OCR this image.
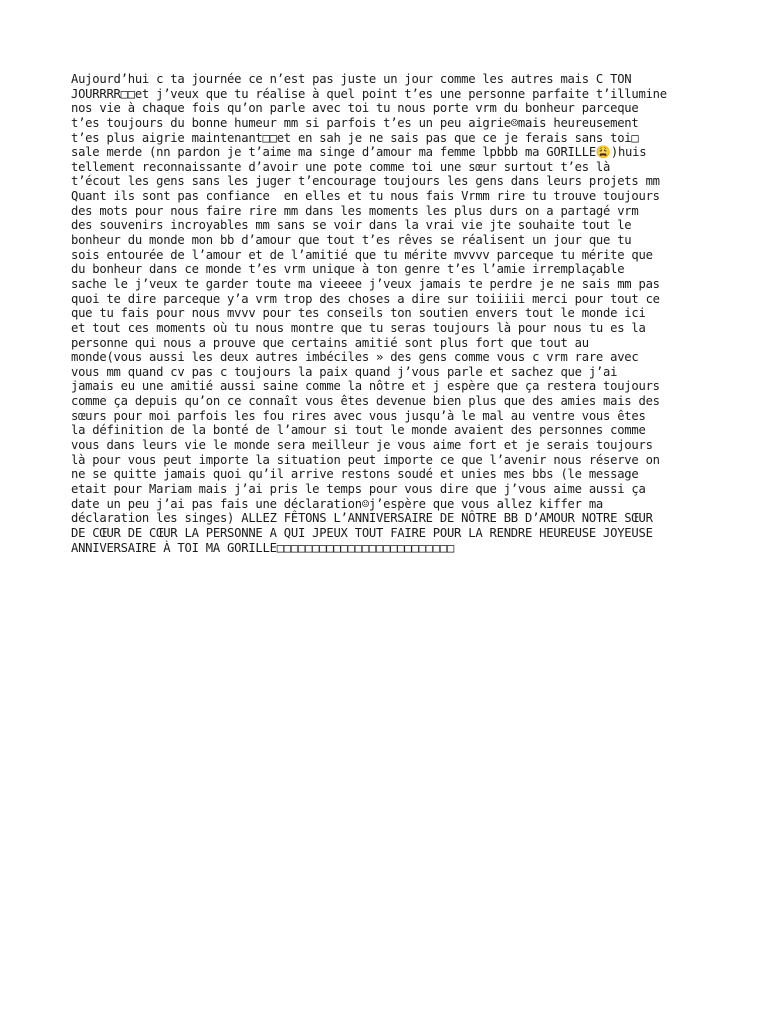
Aujourd’hui c ta journée ce n’est pas juste un jour comme les autres mais C TON
JOURRRR□□et j’veux que tu réalise à quel point t’es une personne parfaite t’illumine
nos vie à chaque fois qu’on parle avec toi tu nous porte vrm du bonheur parceque
t’es toujours du bonne humeur mm si parfois t’es un peu aigrie☹mais heureusement
t’es plus aigrie maintenant□□et en sah je ne sais pas que ce je ferais sans toi□
sale merde (nn pardon je t’aime ma singe d’amour ma femme lpbbb ma GORILLE😩)huis
tellement reconnaissante d’avoir une pote comme toi une sœur surtout t’es là
t’écout les gens sans les juger t’encourage toujours les gens dans leurs projets mm
Quant ils sont pas confiance  en elles et tu nous fais Vrmm rire tu trouve toujours
des mots pour nous faire rire mm dans les moments les plus durs on a partagé vrm
des souvenirs incroyables mm sans se voir dans la vrai vie jte souhaite tout le
bonheur du monde mon bb d’amour que tout t’es rêves se réalisent un jour que tu
sois entourée de l’amour et de l’amitié que tu mérite mvvvv parceque tu mérite que
du bonheur dans ce monde t’es vrm unique à ton genre t’es l’amie irremplaçable
sache le j’veux te garder toute ma vieeee j’veux jamais te perdre je ne sais mm pas
quoi te dire parceque y’a vrm trop des choses a dire sur toiiiii merci pour tout ce
que tu fais pour nous mvvv pour tes conseils ton soutien envers tout le monde ici
et tout ces moments où tu nous montre que tu seras toujours là pour nous tu es la
personne qui nous a prouve que certains amitié sont plus fort que tout au
monde(vous aussi les deux autres imbéciles » des gens comme vous c vrm rare avec
vous mm quand cv pas c toujours la paix quand j’vous parle et sachez que j’ai
jamais eu une amitié aussi saine comme la nôtre et j espère que ça restera toujours
comme ça depuis qu’on ce connaît vous êtes devenue bien plus que des amies mais des
sœurs pour moi parfois les fou rires avec vous jusqu’à le mal au ventre vous êtes
la définition de la bonté de l’amour si tout le monde avaient des personnes comme
vous dans leurs vie le monde sera meilleur je vous aime fort et je serais toujours
là pour vous peut importe la situation peut importe ce que l’avenir nous réserve on
ne se quitte jamais quoi qu’il arrive restons soudé et unies mes bbs (le message
etait pour Mariam mais j’ai pris le temps pour vous dire que j’vous aime aussi ça
date un peu j’ai pas fais une déclaration☺j’espère que vous allez kiffer ma
déclaration les singes) ALLEZ FÊTONS L’ANNIVERSAIRE DE NÔTRE BB D’AMOUR NOTRE SŒUR
DE CŒUR DE CŒUR LA PERSONNE A QUI JPEUX TOUT FAIRE POUR LA RENDRE HEUREUSE JOYEUSE
ANNIVERSAIRE À TOI MA GORILLE□□□□□□□□□□□□□□□□□□□□□□□□□
